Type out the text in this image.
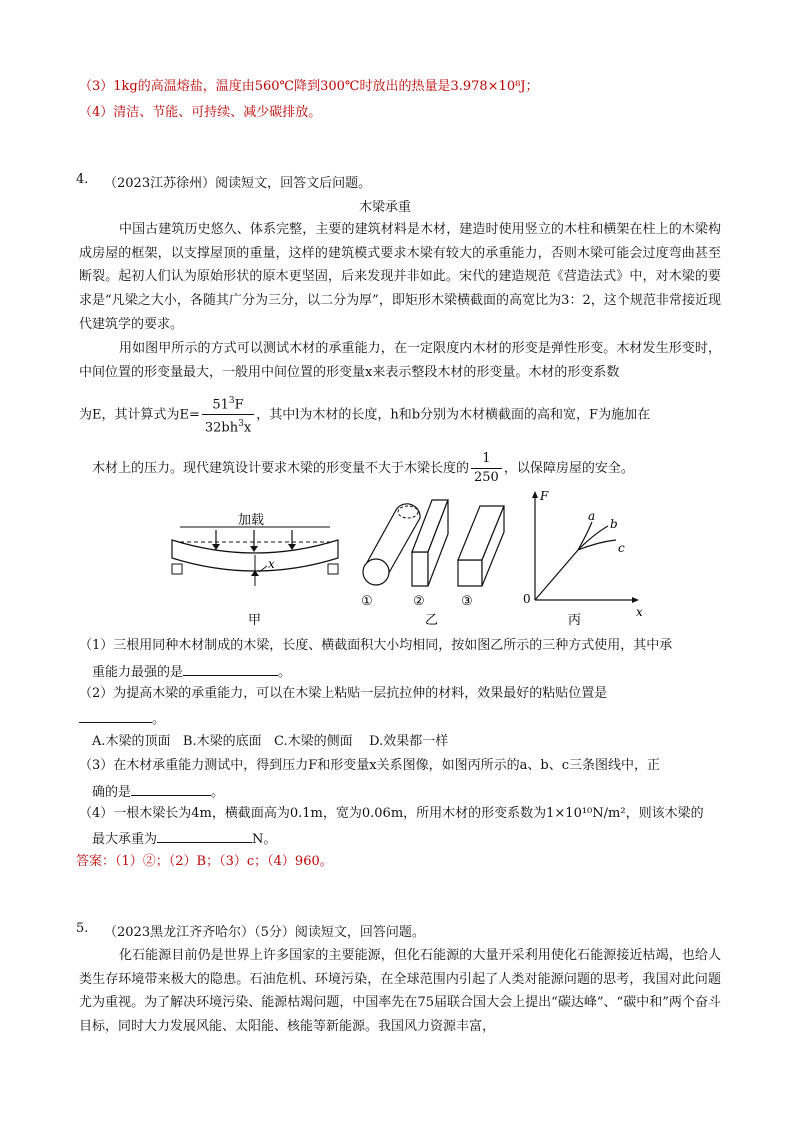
（3）1kg的高温熔盐，温度由560℃降到300℃时放出的热量是3.978×10⁸J；
（4）清洁、节能、可持续、减少碳排放。
4. （2023江苏徐州）阅读短文，回答文后问题。
木梁承重
中国古建筑历史悠久、体系完整，主要的建筑材料是木材，建造时使用竖立的木柱和横架在柱上的木梁构成房屋的框架，以支撑屋顶的重量，这样的建筑模式要求木梁有较大的承重能力，否则木梁可能会过度弯曲甚至断裂。起初人们认为原始形状的原木更坚固，后来发现并非如此。宋代的建造规范《营造法式》中，对木梁的要求是“凡梁之大小，各随其广分为三分，以二分为厚”，即矩形木梁横截面的高宽比为3：2，这个规范非常接近现代建筑学的要求。
用如图甲所示的方式可以测试木材的承重能力，在一定限度内木材的形变是弹性形变。木材发生形变时，中间位置的形变量最大，一般用中间位置的形变量x来表示整段木材的形变量。木材的形变系数
为E，其计算式为$E= \frac{51^3F}{32bh^3x}$ ，其中l为木材的长度，h和b分别为木材横截面的高和宽，F为施加在
木材上的压力。现代建筑设计要求木梁的形变量不大于木梁长度的 $\frac{1}{250}$ ，以保障房屋的安全。
加载
x
甲
①	②	③
乙
F
0
x
a
b
c
丙
（1）三根用同种木材制成的木梁，长度、横截面积大小均相同，按如图乙所示的三种方式使用，其中承
重能力最强的是	。
（2）为提高木梁的承重能力，可以在木梁上粘贴一层抗拉伸的材料，效果最好的粘贴位置是
。
A.木梁的顶面   B.木梁的底面   C.木梁的侧面    D.效果都一样
（3）在木材承重能力测试中，得到压力F和形变量x关系图像，如图丙所示的a、b、c三条图线中，正
确的是	。
（4）一根木梁长为4m，横截面高为0.1m，宽为0.06m，所用木材的形变系数为1×10¹⁰N/m²，则该木梁的
最大承重为	N。
答案：（1）②；（2）B；（3）c；（4）960。
5. （2023黑龙江齐齐哈尔）（5分）阅读短文，回答问题。
化石能源目前仍是世界上许多国家的主要能源，但化石能源的大量开采利用使化石能源接近枯竭，也给人类生存环境带来极大的隐患。石油危机、环境污染，在全球范围内引起了人类对能源问题的思考，我国对此问题尤为重视。为了解决环境污染、能源枯竭问题，中国率先在75届联合国大会上提出“碳达峰”、“碳中和”两个奋斗目标，同时大力发展风能、太阳能、核能等新能源。我国风力资源丰富，
